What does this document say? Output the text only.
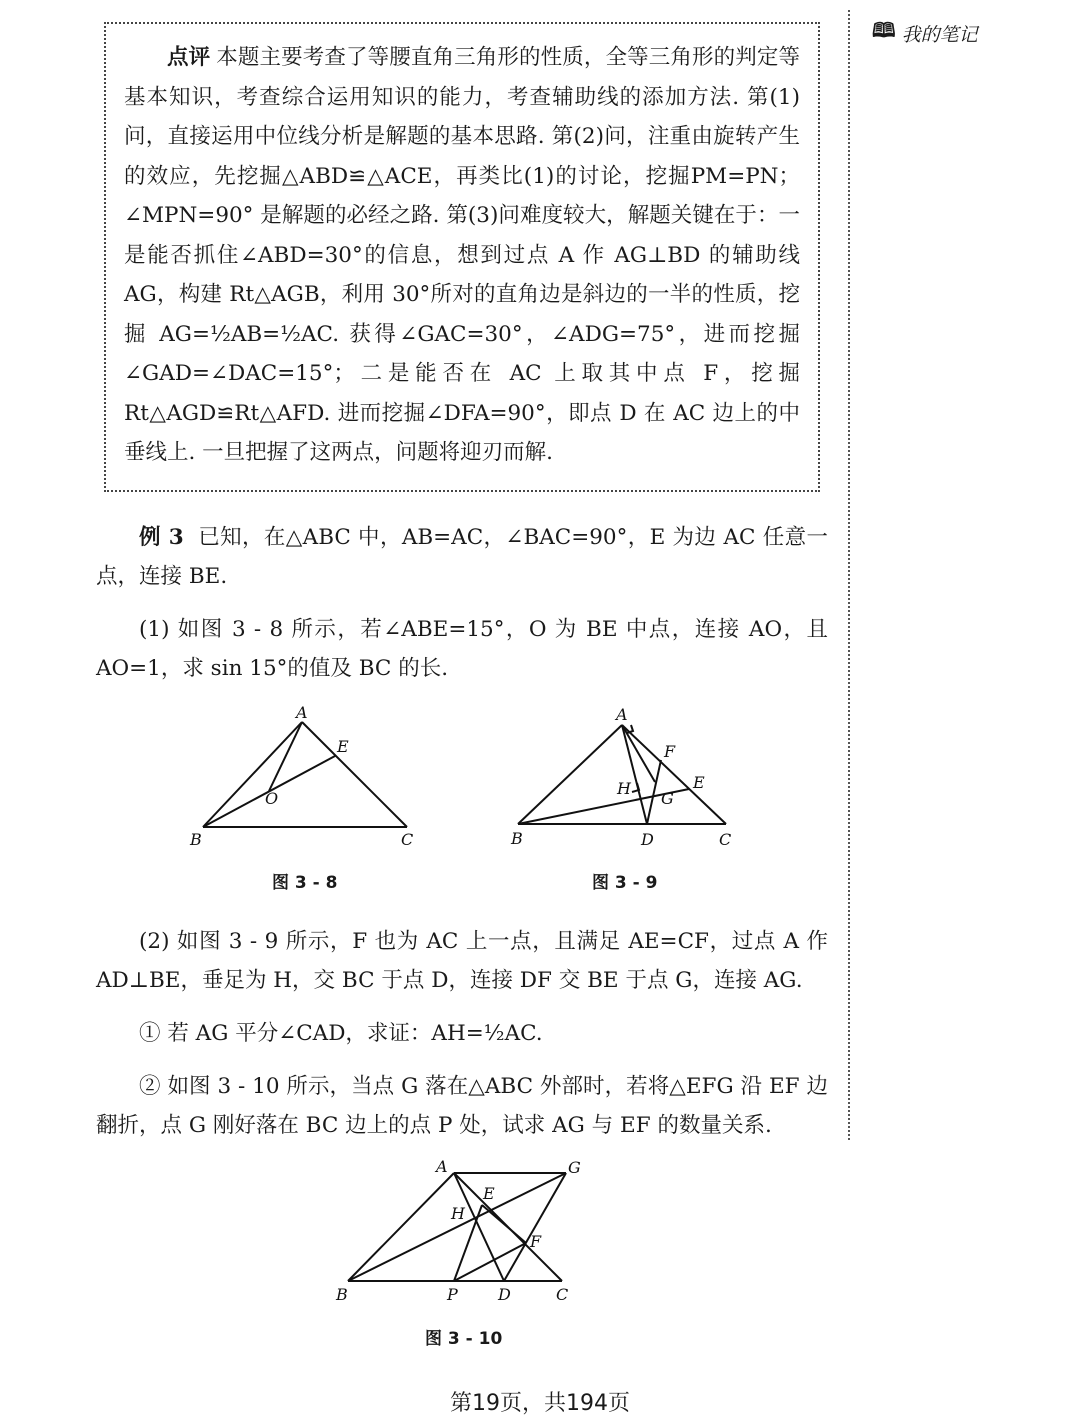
🕮 我的笔记

点评 本题主要考查了等腰直角三角形的性质，全等三角形的判定等基本知识，考查综合运用知识的能力，考查辅助线的添加方法. 第(1)问，直接运用中位线分析是解题的基本思路. 第(2)问，注重由旋转产生的效应，先挖掘△ABD≌△ACE，再类比(1)的讨论，挖掘PM=PN；∠MPN=90° 是解题的必经之路. 第(3)问难度较大，解题关键在于：一是能否抓住∠ABD=30°的信息，想到过点 A 作 AG⊥BD 的辅助线 AG，构建 Rt△AGB，利用 30°所对的直角边是斜边的一半的性质，挖掘 AG=½AB=½AC. 获得∠GAC=30°，∠ADG=75°，进而挖掘∠GAD=∠DAC=15°；二是能否在 AC 上取其中点 F，挖掘 Rt△AGD≌Rt△AFD. 进而挖掘∠DFA=90°，即点 D 在 AC 边上的中垂线上. 一旦把握了这两点，问题将迎刃而解.

例 3 已知，在△ABC 中，AB=AC，∠BAC=90°，E 为边 AC 任意一点，连接 BE.

(1) 如图 3 - 8 所示，若∠ABE=15°，O 为 BE 中点，连接 AO，且 AO=1，求 sin 15°的值及 BC 的长.

A
E
O
B	C
图 3 - 8
A
F
H
G
E
B	D	C
图 3 - 9

(2) 如图 3 - 9 所示，F 也为 AC 上一点，且满足 AE=CF，过点 A 作 AD⊥BE，垂足为 H，交 BC 于点 D，连接 DF 交 BE 于点 G，连接 AG.

① 若 AG 平分∠CAD，求证：AH=½AC.

② 如图 3 - 10 所示，当点 G 落在△ABC 外部时，若将△EFG 沿 EF 边翻折，点 G 刚好落在 BC 边上的点 P 处，试求 AG 与 EF 的数量关系.

A	G
E
H
F
B	P	D	C
图 3 - 10
第19页，共194页
